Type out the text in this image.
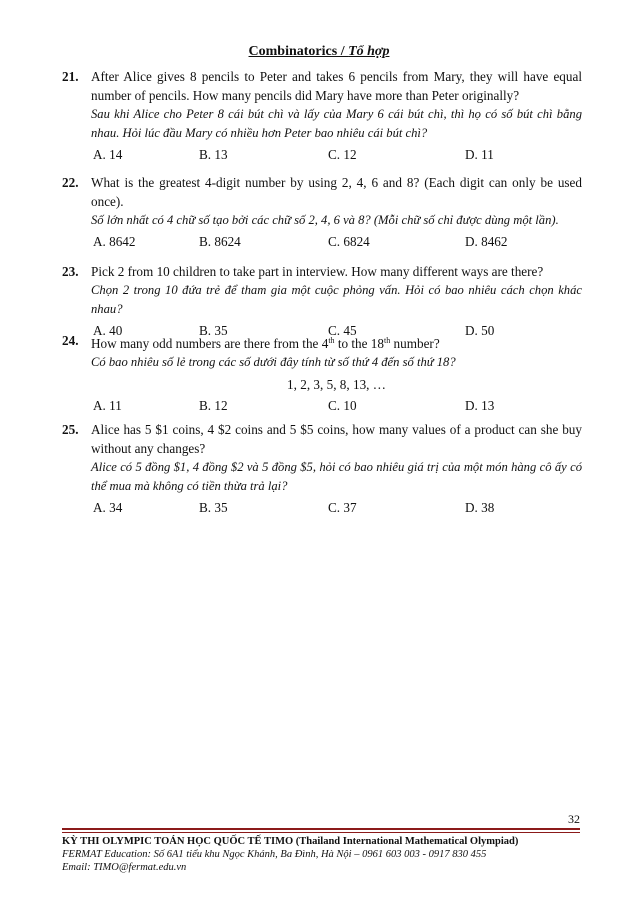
Combinatorics / Tổ hợp
21. After Alice gives 8 pencils to Peter and takes 6 pencils from Mary, they will have equal number of pencils. How many pencils did Mary have more than Peter originally?
Sau khi Alice cho Peter 8 cái bút chì và lấy của Mary 6 cái bút chì, thì họ có số bút chì bằng nhau. Hỏi lúc đầu Mary có nhiều hơn Peter bao nhiêu cái bút chì?
A. 14	B. 13	C. 12	D. 11
22. What is the greatest 4-digit number by using 2, 4, 6 and 8? (Each digit can only be used once).
Số lớn nhất có 4 chữ số tạo bởi các chữ số 2, 4, 6 và 8? (Mỗi chữ số chỉ được dùng một lần).
A. 8642	B. 8624	C. 6824	D. 8462
23. Pick 2 from 10 children to take part in interview. How many different ways are there?
Chọn 2 trong 10 đứa trẻ để tham gia một cuộc phỏng vấn. Hỏi có bao nhiêu cách chọn khác nhau?
A. 40	B. 35	C. 45	D. 50
24. How many odd numbers are there from the 4th to the 18th number?
Có bao nhiêu số lẻ trong các số dưới đây tính từ số thứ 4 đến số thứ 18?
1, 2, 3, 5, 8, 13, …
A. 11	B. 12	C. 10	D. 13
25. Alice has 5 $1 coins, 4 $2 coins and 5 $5 coins, how many values of a product can she buy without any changes?
Alice có 5 đồng $1, 4 đồng $2 và 5 đồng $5, hỏi có bao nhiêu giá trị của một món hàng cô ấy có thể mua mà không có tiền thừa trả lại?
A. 34	B. 35	C. 37	D. 38
32
KỲ THI OLYMPIC TOÁN HỌC QUỐC TẾ TIMO (Thailand International Mathematical Olympiad)
FERMAT Education: Số 6A1 tiểu khu Ngọc Khánh, Ba Đình, Hà Nội – 0961 603 003 - 0917 830 455
Email: TIMO@fermat.edu.vn
